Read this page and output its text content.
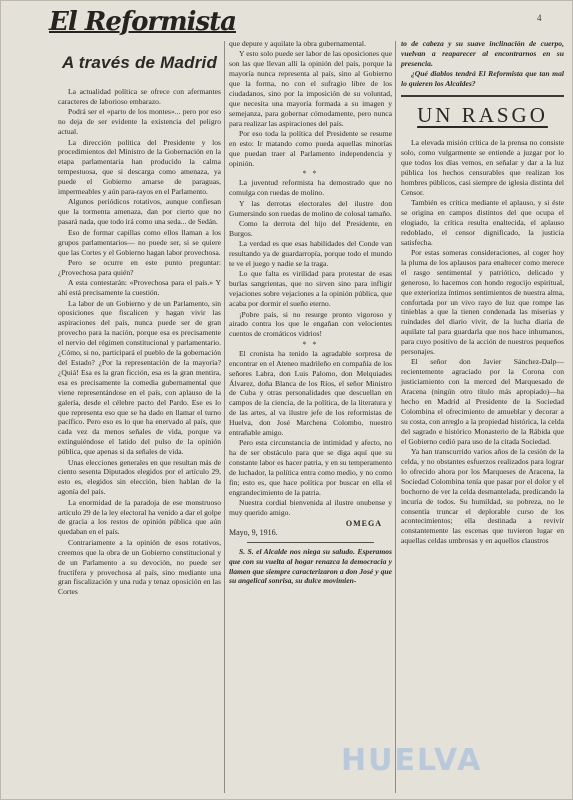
El Reformista	4
A través de Madrid

La actualidad política se ofrece con afermantes caracteres de laborioso embarazo.

Podrá ser el «parto de los montes»... pero por eso no deja de ser evidente la existencia del peligro actual.

La dirección política del Presidente y los procedimientos del Ministro de la Gobernación en la etapa parlamentaria han producido la calma tempestuosa, que si descarga como amenaza, ya puede el Gobierno amarse de paraguas, impermeables y aún para-rayos en el Parlamento.

Algunos periódicos rotativos, aunque confiesan que la tormenta amenaza, dan por cierto que no pasará nada, que todo irá como una seda... de Sedán.

Eso de formar capillas como ellos llaman a los grupos parlamentarios— no puede ser, si se quiere que las Cortes y el Gobierno hagan labor provechosa.

Pero se ocurre en este punto preguntar: ¿Provechosa para quién?

A esta contestarán: «Provechosa para el país.» Y ahí está precisamente la cuestión.

La labor de un Gobierno y de un Parlamento, sin oposiciones que fiscalicen y hagan vivir las aspiraciones del país, nunca puede ser de gran provecho para la nación, porque esa es precisamente el nervio del régimen constitucional y parlamentario. ¿Cómo, si no, participará el pueblo de la gobernación del Estado? ¿Por la representación de la mayoría? ¿Quiá! Esa es la gran ficción, esa es la gran mentira, esa es precisamente la comedia gubernamental que viene representándose en el país, con aplauso de la galería, desde el célebre pacto del Pardo. Ese es lo que representa eso que se ha dado en llamar el turno pacífico. Pero eso es lo que ha enervado al país, que cada vez da menos señales de vida, porque va extinguiéndose el latido del pulso de la opinión pública, que apenas si da señales de vida.

Unas elecciones generales en que resultan más de ciento sesenta Diputados elegidos por el artículo 29, esto es, elegidos sin elección, bien hablan de la agonía del país.

La enormidad de la paradoja de ese monstruoso artículo 29 de la ley electoral ha venido a dar el golpe de gracia a los restos de opinión pública que aún quedaban en el país.

Contrariamente a la opinión de esos rotativos, creemos que la obra de un Gobierno constitucional y de un Parlamento a su devoción, no puede ser fructífera y provechosa al país, sino mediante una gran fiscalización y una ruda y tenaz oposición en las Cortes

que depure y aquilate la obra gubernamental.

Y esto solo puede ser labor de las oposiciones que son las que llevan allí la opinión del país, porque la mayoría nunca representa al país, sino al Gobierno que la forma, no con el sufragio libre de los ciudadanos, sino por la imposición de su voluntad, que necesita una mayoría formada a su imagen y semejanza, para gobernar cómodamente, pero nunca para realizar las aspiraciones del país.

Por eso toda la política del Presidente se resume en esto: Ir matando como pueda aquellas minorías que puedan traer al Parlamento independencia y opinión.

* *

La juventud reformista ha demostrado que no comulga con ruedas de molino.

Y las derrotas electorales del ilustre don Gumersindo son ruedas de molino de colosal tamaño.

Como la derrota del hijo del Presidente, en Burgos.

La verdad es que esas habilidades del Conde van resultando ya de guardarropía, porque todo el mundo te ve el juego y nadie se la traga.

Lo que falta es virilidad para protestar de esas burlas sangrientas, que no sirven sino para infligir vejaciones sobre vejaciones a la opinión pública, que acaba por dormir el sueño eterno.

¡Pobre país, si no resurge pronto vigoroso y airado contra los que le engañan con velocientes cuentos de cromáticos vidrios!

* *

El cronista ha tenido la agradable sorpresa de encontrar en el Ateneo madrileño en compañía de los señores Labra, don Luis Palomo, don Melquiades Álvarez, doña Blanca de los Ríos, el señor Ministro de Cuba y otras personalidades que descuellan en campos de la ciencia, de la política, de la literatura y de las artes, al va ilustre jefe de los reformistas de Huelva, don José Marchena Colombo, nuestro entrañable amigo.

Pero esta circunstancia de intimidad y afecto, no ha de ser obstáculo para que se diga aquí que su constante labor es hacer patria, y en su temperamento de luchador, la política entra como medio, y no como fin; esto es, que hace política por buscar en ella el engrandecimiento de la patria.

Nuestra cordial bienvenida al ilustre onubense y muy querido amigo.

OMEGA
Mayo, 9, 1916.

S. S. el Alcalde nos niega su saludo. Esperamos que con su vuelta al hogar renazca la democracia y llamen que siempre caracterizaron a don José y que su angelical sonrisa, su dulce movimien-

to de cabeza y su suave inclinación de cuerpo, vuelvan a reaparecer al encontrarnos en su presencia.

¿Qué diablos tendrá El Reformista que tan mal lo quieren los Alcaldes?

UN RASGO

La elevada misión crítica de la prensa no consiste solo, como vulgarmente se entiende a juzgar por lo que todos los días vemos, en señalar y dar a la luz pública los hechos censurables que realizan los hombres públicos, casi siempre de iglesia distinta del Censor.

También es crítica mediante el aplauso, y si éste se origina en campos distintos del que ocupa el elogiado, la crítica resulta enaltecida, el aplauso redoblado, el censor dignificado, la justicia satisfecha.

Por estas someras consideraciones, al coger hoy la pluma de los aplausos para enaltecer como merece el rasgo sentimental y patriótico, delicado y generoso, lo hacemos con hondo regocijo espiritual, que exterioriza íntimos sentimientos de nuestra alma, confortada por un vivo rayo de luz que rompe las tinieblas a que la tienen condenada las miserias y ruindades del diario vivir, de la lucha diaria de aquilate tal para guardarla que nos hace inhumanos, para cuyo positivo de la acción de nuestros pequeños personajes.

El señor don Javier Sánchez-Dalp—recientemente agraciado por la Corona con justiciamiento con la merced del Marquesado de Aracena (ningún otro título más apropiado)—ha hecho en Madrid al Presidente de la Sociedad Colombina el ofrecimiento de amueblar y decorar a su costa, con arreglo a la propiedad histórica, la celda del sagrado e histórico Monasterio de la Rábida que el Gobierno cedió para uso de la citada Sociedad.

Ya han transcurrido varios años de la cesión de la celda, y no obstantes esfuerzos realizados para lograr lo ofrecido ahora por los Marqueses de Aracena, la Sociedad Colombina tenía que pasar por el dolor y el bochorno de ver la celda desmantelada, predicando la incuria de todos. Su humildad, su pobreza, no le consentía truncar el deplorable curso de los acontecimientos; ella destinada a revivir constantemente las escenas que tuvieron lugar en aquellas celdas umbrosas y en aquellos claustros

HUELVA
